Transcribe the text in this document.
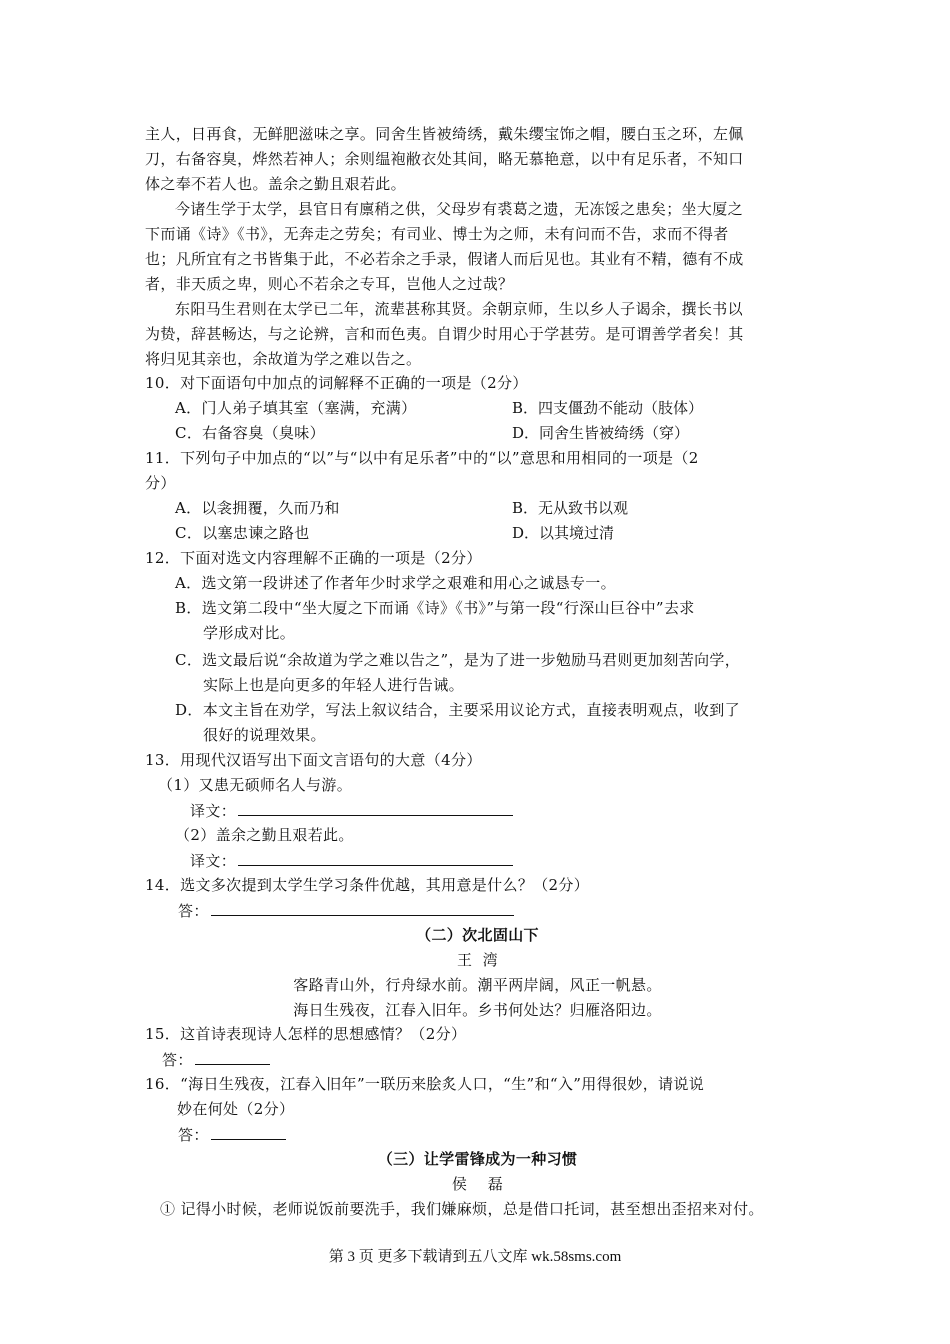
主人，日再食，无鲜肥滋味之享。同舍生皆被绮绣，戴朱缨宝饰之帽，腰白玉之环，左佩
刀，右备容臭，烨然若神人；余则缊袍敝衣处其间，略无慕艳意，以中有足乐者，不知口
体之奉不若人也。盖余之勤且艰若此。
今诸生学于太学，县官日有廪稍之供，父母岁有裘葛之遗，无冻馁之患矣；坐大厦之
下而诵《诗》《书》，无奔走之劳矣；有司业、博士为之师，未有问而不告，求而不得者
也；凡所宜有之书皆集于此，不必若余之手录，假诸人而后见也。其业有不精，德有不成
者，非天质之卑，则心不若余之专耳，岂他人之过哉？
东阳马生君则在太学已二年，流辈甚称其贤。余朝京师，生以乡人子谒余，撰长书以
为贽，辞甚畅达，与之论辨，言和而色夷。自谓少时用心于学甚劳。是可谓善学者矣！其
将归见其亲也，余故道为学之难以告之。
10．对下面语句中加点的词解释不正确的一项是（2分）
A．门人弟子填其室（塞满，充满）	B．四支僵劲不能动（肢体）
C．右备容臭（臭味）	D．同舍生皆被绮绣（穿）
11．下列句子中加点的“以”与“以中有足乐者”中的“以”意思和用相同的一项是（2
分）
A．以衾拥覆，久而乃和	B．无从致书以观
C．以塞忠谏之路也	D．以其境过清
12．下面对选文内容理解不正确的一项是（2分）
A．选文第一段讲述了作者年少时求学之艰难和用心之诚恳专一。
B．选文第二段中“坐大厦之下而诵《诗》《书》”与第一段“行深山巨谷中”去求
学形成对比。
C．选文最后说“余故道为学之难以告之”，是为了进一步勉励马君则更加刻苦向学，
实际上也是向更多的年轻人进行告诫。
D．本文主旨在劝学，写法上叙议结合，主要采用议论方式，直接表明观点，收到了
很好的说理效果。
13．用现代汉语写出下面文言语句的大意（4分）
（1）又患无硕师名人与游。
译文：
（2）盖余之勤且艰若此。
译文：
14．选文多次提到太学生学习条件优越，其用意是什么？（2分）
答：
（二）次北固山下
王  湾
客路青山外，行舟绿水前。潮平两岸阔，风正一帆悬。
海日生残夜，江春入旧年。乡书何处达？归雁洛阳边。
15．这首诗表现诗人怎样的思想感情？（2分）
答：
16．“海日生残夜，江春入旧年”一联历来脍炙人口，“生”和“入”用得很妙，请说说
妙在何处（2分）
答：
（三）让学雷锋成为一种习惯
侯    磊
① 记得小时候，老师说饭前要洗手，我们嫌麻烦，总是借口托词，甚至想出歪招来对付。
第 3 页 更多下载请到五八文库 wk.58sms.com
